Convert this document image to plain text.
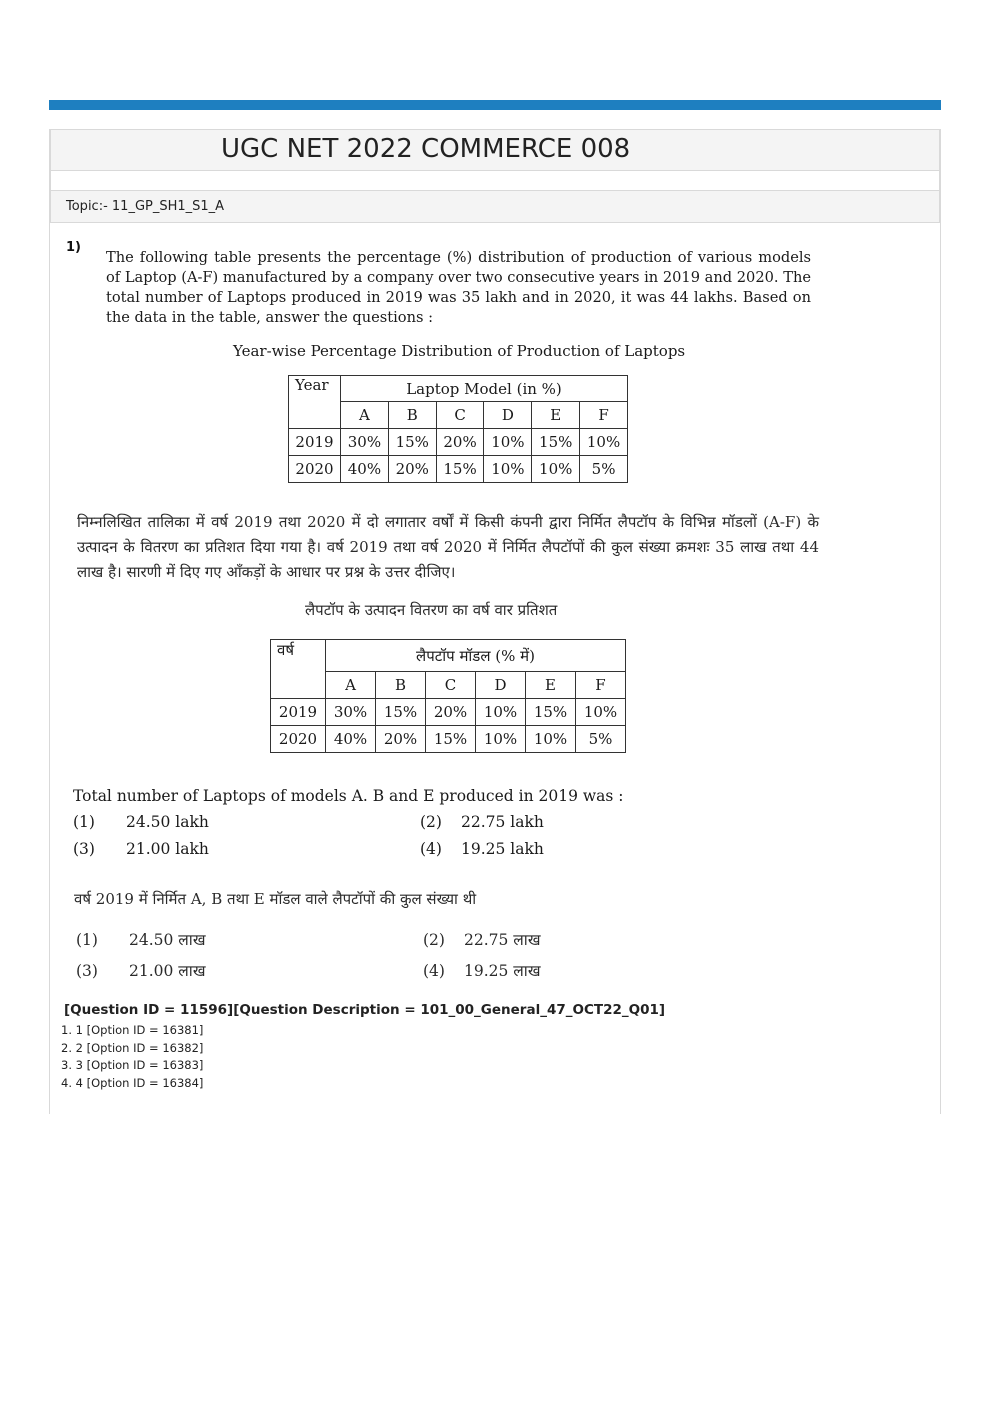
UGC NET 2022 COMMERCE 008
Topic:- 11_GP_SH1_S1_A
1)
The following table presents the percentage (%) distribution of production of various models of Laptop (A-F) manufactured by a company over two consecutive years in 2019 and 2020. The total number of Laptops produced in 2019 was 35 lakh and in 2020, it was 44 lakhs. Based on the data in the table, answer the questions :
Year-wise Percentage Distribution of Production of Laptops
Year	Laptop Model (in %)					
	A	B	C	D	E	F
2019	30%	15%	20%	10%	15%	10%
2020	40%	20%	15%	10%	10%	5%
निम्नलिखित तालिका में वर्ष 2019 तथा 2020 में दो लगातार वर्षों में किसी कंपनी द्वारा निर्मित लैपटॉप के विभिन्न मॉडलों (A-F) के उत्पादन के वितरण का प्रतिशत दिया गया है। वर्ष 2019 तथा वर्ष 2020 में निर्मित लैपटॉपों की कुल संख्या क्रमशः 35 लाख तथा 44 लाख है। सारणी में दिए गए आँकड़ों के आधार पर प्रश्न के उत्तर दीजिए।
लैपटॉप के उत्पादन वितरण का वर्ष वार प्रतिशत
वर्ष	लैपटॉप मॉडल (% में)					
	A	B	C	D	E	F
2019	30%	15%	20%	10%	15%	10%
2020	40%	20%	15%	10%	10%	5%
Total number of Laptops of models A. B and E produced in 2019 was :
(1) 24.50 lakh	(2) 22.75 lakh
(3) 21.00 lakh	(4) 19.25 lakh
वर्ष 2019 में निर्मित A, B तथा E मॉडल वाले लैपटॉपों की कुल संख्या थी
(1) 24.50 लाख	(2) 22.75 लाख
(3) 21.00 लाख	(4) 19.25 लाख
[Question ID = 11596][Question Description = 101_00_General_47_OCT22_Q01]
1. 1 [Option ID = 16381]
2. 2 [Option ID = 16382]
3. 3 [Option ID = 16383]
4. 4 [Option ID = 16384]
